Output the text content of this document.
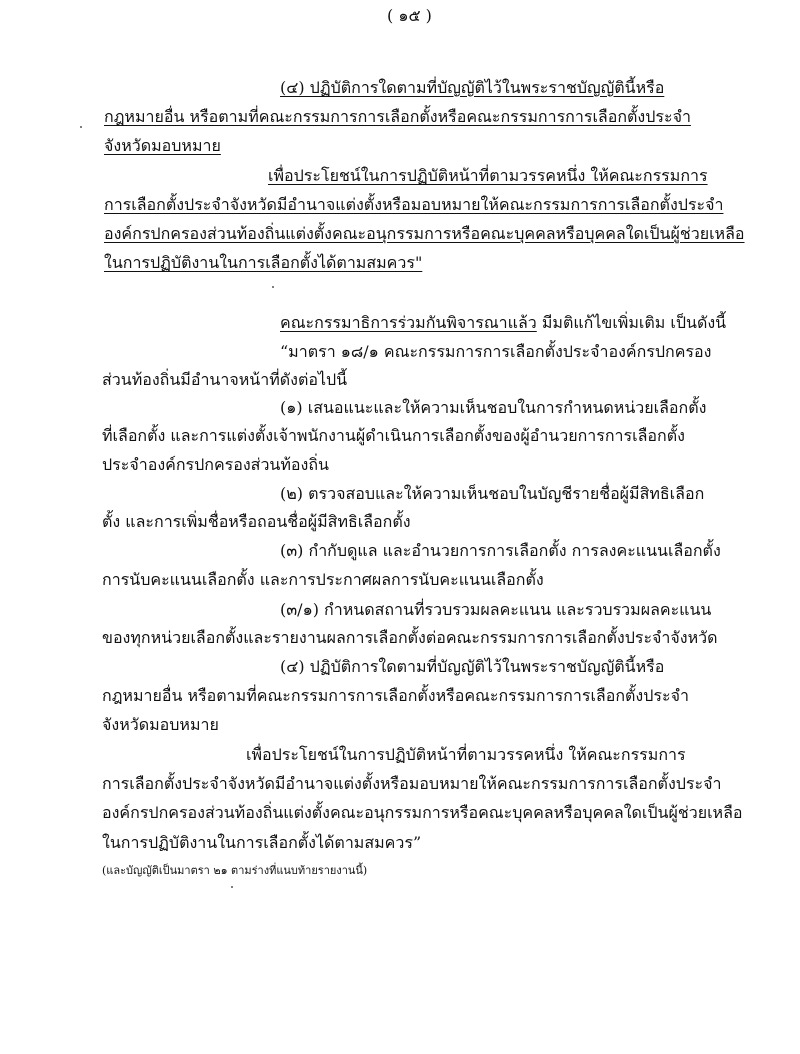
( ๑๕ )
(๔) ปฏิบัติการใดตามที่บัญญัติไว้ในพระราชบัญญัตินี้หรือ
กฎหมายอื่น หรือตามที่คณะกรรมการการเลือกตั้งหรือคณะกรรมการการเลือกตั้งประจำ
จังหวัดมอบหมาย
เพื่อประโยชน์ในการปฏิบัติหน้าที่ตามวรรคหนึ่ง ให้คณะกรรมการ
การเลือกตั้งประจำจังหวัดมีอำนาจแต่งตั้งหรือมอบหมายให้คณะกรรมการการเลือกตั้งประจำ
องค์กรปกครองส่วนท้องถิ่นแต่งตั้งคณะอนุกรรมการหรือคณะบุคคลหรือบุคคลใดเป็นผู้ช่วยเหลือ
ในการปฏิบัติงานในการเลือกตั้งได้ตามสมควร"
คณะกรรมาธิการร่วมกันพิจารณาแล้ว มีมติแก้ไขเพิ่มเติม เป็นดังนี้
“มาตรา ๑๘/๑ คณะกรรมการการเลือกตั้งประจำองค์กรปกครอง
ส่วนท้องถิ่นมีอำนาจหน้าที่ดังต่อไปนี้
(๑) เสนอแนะและให้ความเห็นชอบในการกำหนดหน่วยเลือกตั้ง
ที่เลือกตั้ง และการแต่งตั้งเจ้าพนักงานผู้ดำเนินการเลือกตั้งของผู้อำนวยการการเลือกตั้ง
ประจำองค์กรปกครองส่วนท้องถิ่น
(๒) ตรวจสอบและให้ความเห็นชอบในบัญชีรายชื่อผู้มีสิทธิเลือก
ตั้ง และการเพิ่มชื่อหรือถอนชื่อผู้มีสิทธิเลือกตั้ง
(๓) กำกับดูแล และอำนวยการการเลือกตั้ง การลงคะแนนเลือกตั้ง
การนับคะแนนเลือกตั้ง และการประกาศผลการนับคะแนนเลือกตั้ง
(๓/๑) กำหนดสถานที่รวบรวมผลคะแนน และรวบรวมผลคะแนน
ของทุกหน่วยเลือกตั้งและรายงานผลการเลือกตั้งต่อคณะกรรมการการเลือกตั้งประจำจังหวัด
(๔) ปฏิบัติการใดตามที่บัญญัติไว้ในพระราชบัญญัตินี้หรือ
กฎหมายอื่น หรือตามที่คณะกรรมการการเลือกตั้งหรือคณะกรรมการการเลือกตั้งประจำ
จังหวัดมอบหมาย
เพื่อประโยชน์ในการปฏิบัติหน้าที่ตามวรรคหนึ่ง ให้คณะกรรมการ
การเลือกตั้งประจำจังหวัดมีอำนาจแต่งตั้งหรือมอบหมายให้คณะกรรมการการเลือกตั้งประจำ
องค์กรปกครองส่วนท้องถิ่นแต่งตั้งคณะอนุกรรมการหรือคณะบุคคลหรือบุคคลใดเป็นผู้ช่วยเหลือ
ในการปฏิบัติงานในการเลือกตั้งได้ตามสมควร”
(และบัญญัติเป็นมาตรา ๒๑ ตามร่างที่แนบท้ายรายงานนี้)
